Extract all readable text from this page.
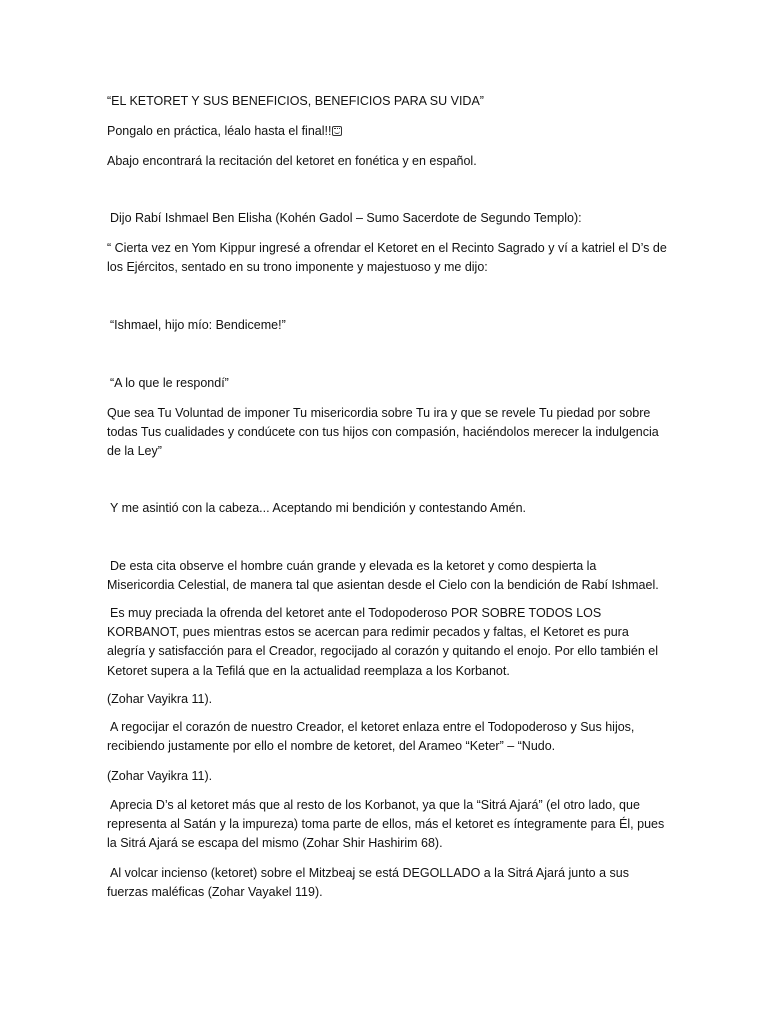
“EL KETORET Y SUS BENEFICIOS, BENEFICIOS PARA SU VIDA”

Pongalo en práctica, léalo hasta el final!!

Abajo encontrará la recitación del ketoret en fonética y en español.

Dijo Rabí Ishmael Ben Elisha (Kohén Gadol – Sumo Sacerdote de Segundo Templo):

“ Cierta vez en Yom Kippur ingresé a ofrendar el Ketoret en el Recinto Sagrado y ví a katriel el D’s de los Ejércitos, sentado en su trono imponente y majestuoso y me dijo:

“Ishmael, hijo mío: Bendiceme!”

“A lo que le respondí”

Que sea Tu Voluntad de imponer Tu misericordia sobre Tu ira y que se revele Tu piedad por sobre todas Tus cualidades y condúcete con tus hijos con compasión, haciéndolos merecer la indulgencia de la Ley”

Y me asintió con la cabeza... Aceptando mi bendición y contestando Amén.

De esta cita observe el hombre cuán grande y elevada es la ketoret y como despierta la Misericordia Celestial, de manera tal que asientan desde el Cielo con la bendición de Rabí Ishmael.

Es muy preciada la ofrenda del ketoret ante el Todopoderoso POR SOBRE TODOS LOS KORBANOT, pues mientras estos se acercan para redimir pecados y faltas, el Ketoret es pura alegría y satisfacción para el Creador, regocijado al corazón y quitando el enojo. Por ello también el Ketoret supera a la Tefilá que en la actualidad reemplaza a los Korbanot.

(Zohar Vayikra 11).

A regocijar el corazón de nuestro Creador, el ketoret enlaza entre el Todopoderoso y Sus hijos, recibiendo justamente por ello el nombre de ketoret, del Arameo “Keter” – “Nudo.

(Zohar Vayikra 11).

Aprecia D’s al ketoret más que al resto de los Korbanot, ya que la “Sitrá Ajará” (el otro lado, que representa al Satán y la impureza) toma parte de ellos, más el ketoret es íntegramente para Él, pues la Sitrá Ajará se escapa del mismo (Zohar Shir Hashirim 68).

Al volcar incienso (ketoret) sobre el Mitzbeaj se está DEGOLLADO a la Sitrá Ajará junto a sus fuerzas maléficas (Zohar Vayakel 119).
